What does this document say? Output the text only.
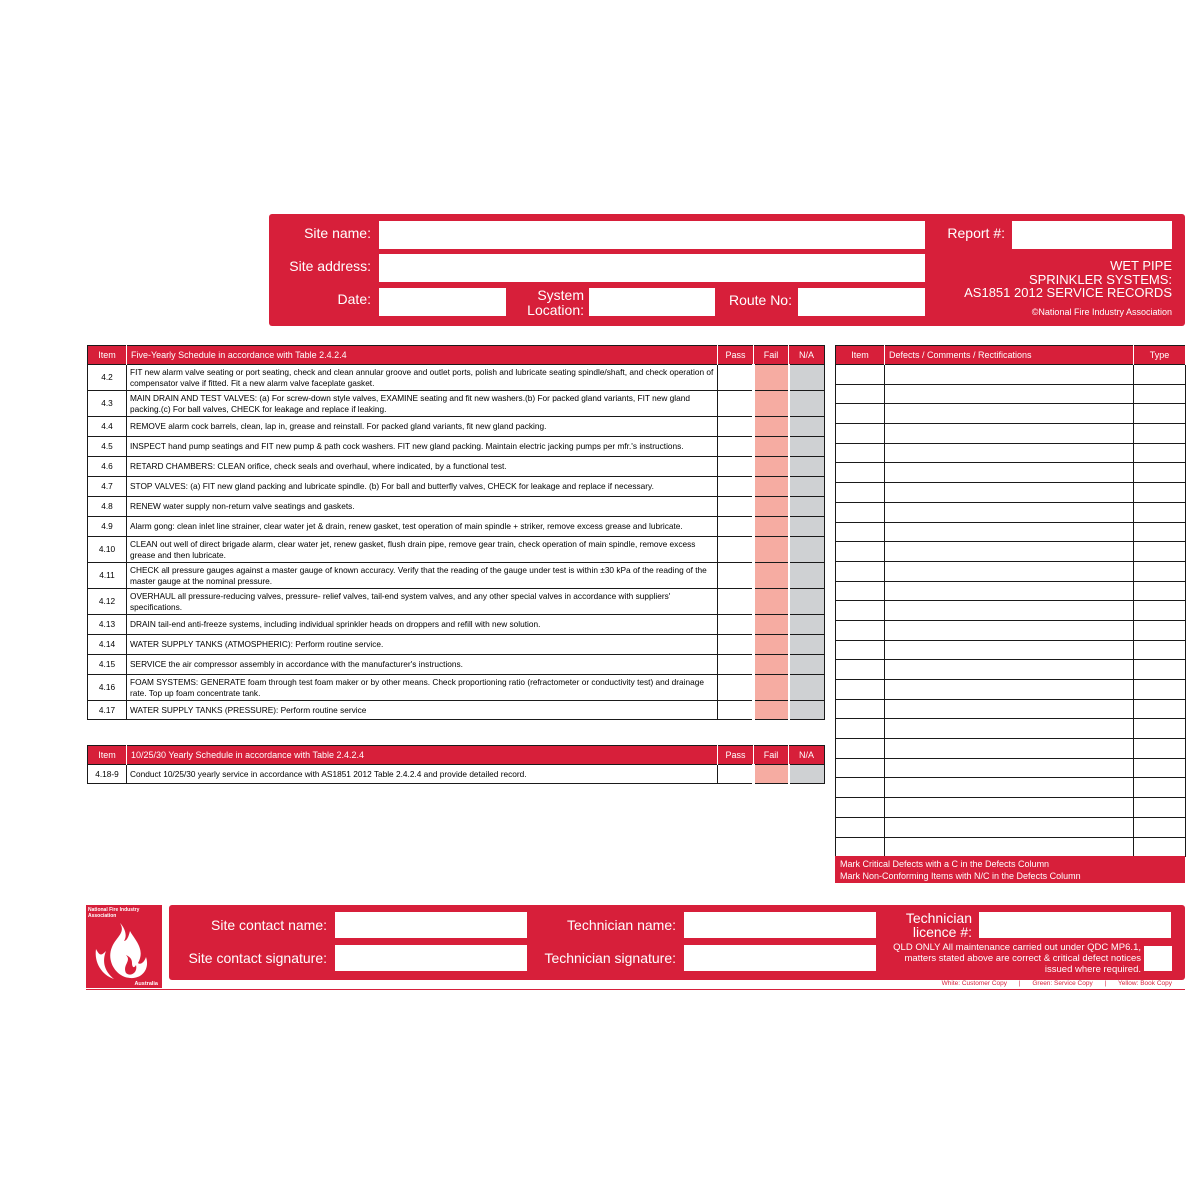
Site name:
Site address:
Date:	System
Location:
Route No:
Report #:
WET PIPE
SPRINKLER SYSTEMS:
AS1851 2012 SERVICE RECORDS
©National Fire Industry Association
Item	Five-Yearly Schedule in accordance with Table 2.4.2.4	Pass	Fail	N/A
4.2	FIT new alarm valve seating or port seating, check and clean annular groove and outlet ports, polish and lubricate seating spindle/shaft, and check operation of compensator valve if fitted. Fit a new alarm valve faceplate gasket.			
4.3	MAIN DRAIN AND TEST VALVES: (a) For screw-down style valves, EXAMINE seating and fit new washers.(b) For packed gland variants, FIT new gland packing.(c) For ball valves, CHECK for leakage and replace if leaking.			
4.4	REMOVE alarm cock barrels, clean, lap in, grease and reinstall. For packed gland variants, fit new gland packing.			
4.5	INSPECT hand pump seatings and FIT new pump & path cock washers. FIT new gland packing. Maintain electric jacking pumps per mfr.'s instructions.			
4.6	RETARD CHAMBERS: CLEAN orifice, check seals and overhaul, where indicated, by a functional test.			
4.7	STOP VALVES: (a) FIT new gland packing and lubricate spindle. (b) For ball and butterfly valves, CHECK for leakage and replace if necessary.			
4.8	RENEW water supply non-return valve seatings and gaskets.			
4.9	Alarm gong: clean inlet line strainer, clear water jet & drain, renew gasket, test operation of main spindle + striker, remove excess grease and lubricate.			
4.10	CLEAN out well of direct brigade alarm, clear water jet, renew gasket, flush drain pipe, remove gear train, check operation of main spindle, remove excess grease and then lubricate.			
4.11	CHECK all pressure gauges against a master gauge of known accuracy. Verify that the reading of the gauge under test is within ±30 kPa of the reading of the master gauge at the nominal pressure.			
4.12	OVERHAUL all pressure-reducing valves, pressure- relief valves, tail-end system valves, and any other special valves in accordance with suppliers' specifications.			
4.13	DRAIN tail-end anti-freeze systems, including individual sprinkler heads on droppers and refill with new solution.			
4.14	WATER SUPPLY TANKS (ATMOSPHERIC): Perform routine service.			
4.15	SERVICE the air compressor assembly in accordance with the manufacturer's instructions.			
4.16	FOAM SYSTEMS: GENERATE foam through test foam maker or by other means. Check proportioning ratio (refractometer or conductivity test) and drainage rate. Top up foam concentrate tank.			
4.17	WATER SUPPLY TANKS (PRESSURE): Perform routine service			
Item	10/25/30 Yearly Schedule in accordance with Table 2.4.2.4	Pass	Fail	N/A
4.18-9	Conduct 10/25/30 yearly service in accordance with AS1851 2012 Table 2.4.2.4 and provide detailed record.			
Item	Defects / Comments / Rectifications	Type

Mark Critical Defects with a C in the Defects Column
Mark Non-Conforming Items with N/C in the Defects Column
National Fire Industry Association
Australia
Site contact name:
Site contact signature:
Technician name:
Technician signature:
Technician
licence #:
QLD ONLY All maintenance carried out under QDC MP6.1, matters stated above are correct & critical defect notices issued where required.
White: Customer Copy | Green: Service Copy | Yellow: Book Copy
